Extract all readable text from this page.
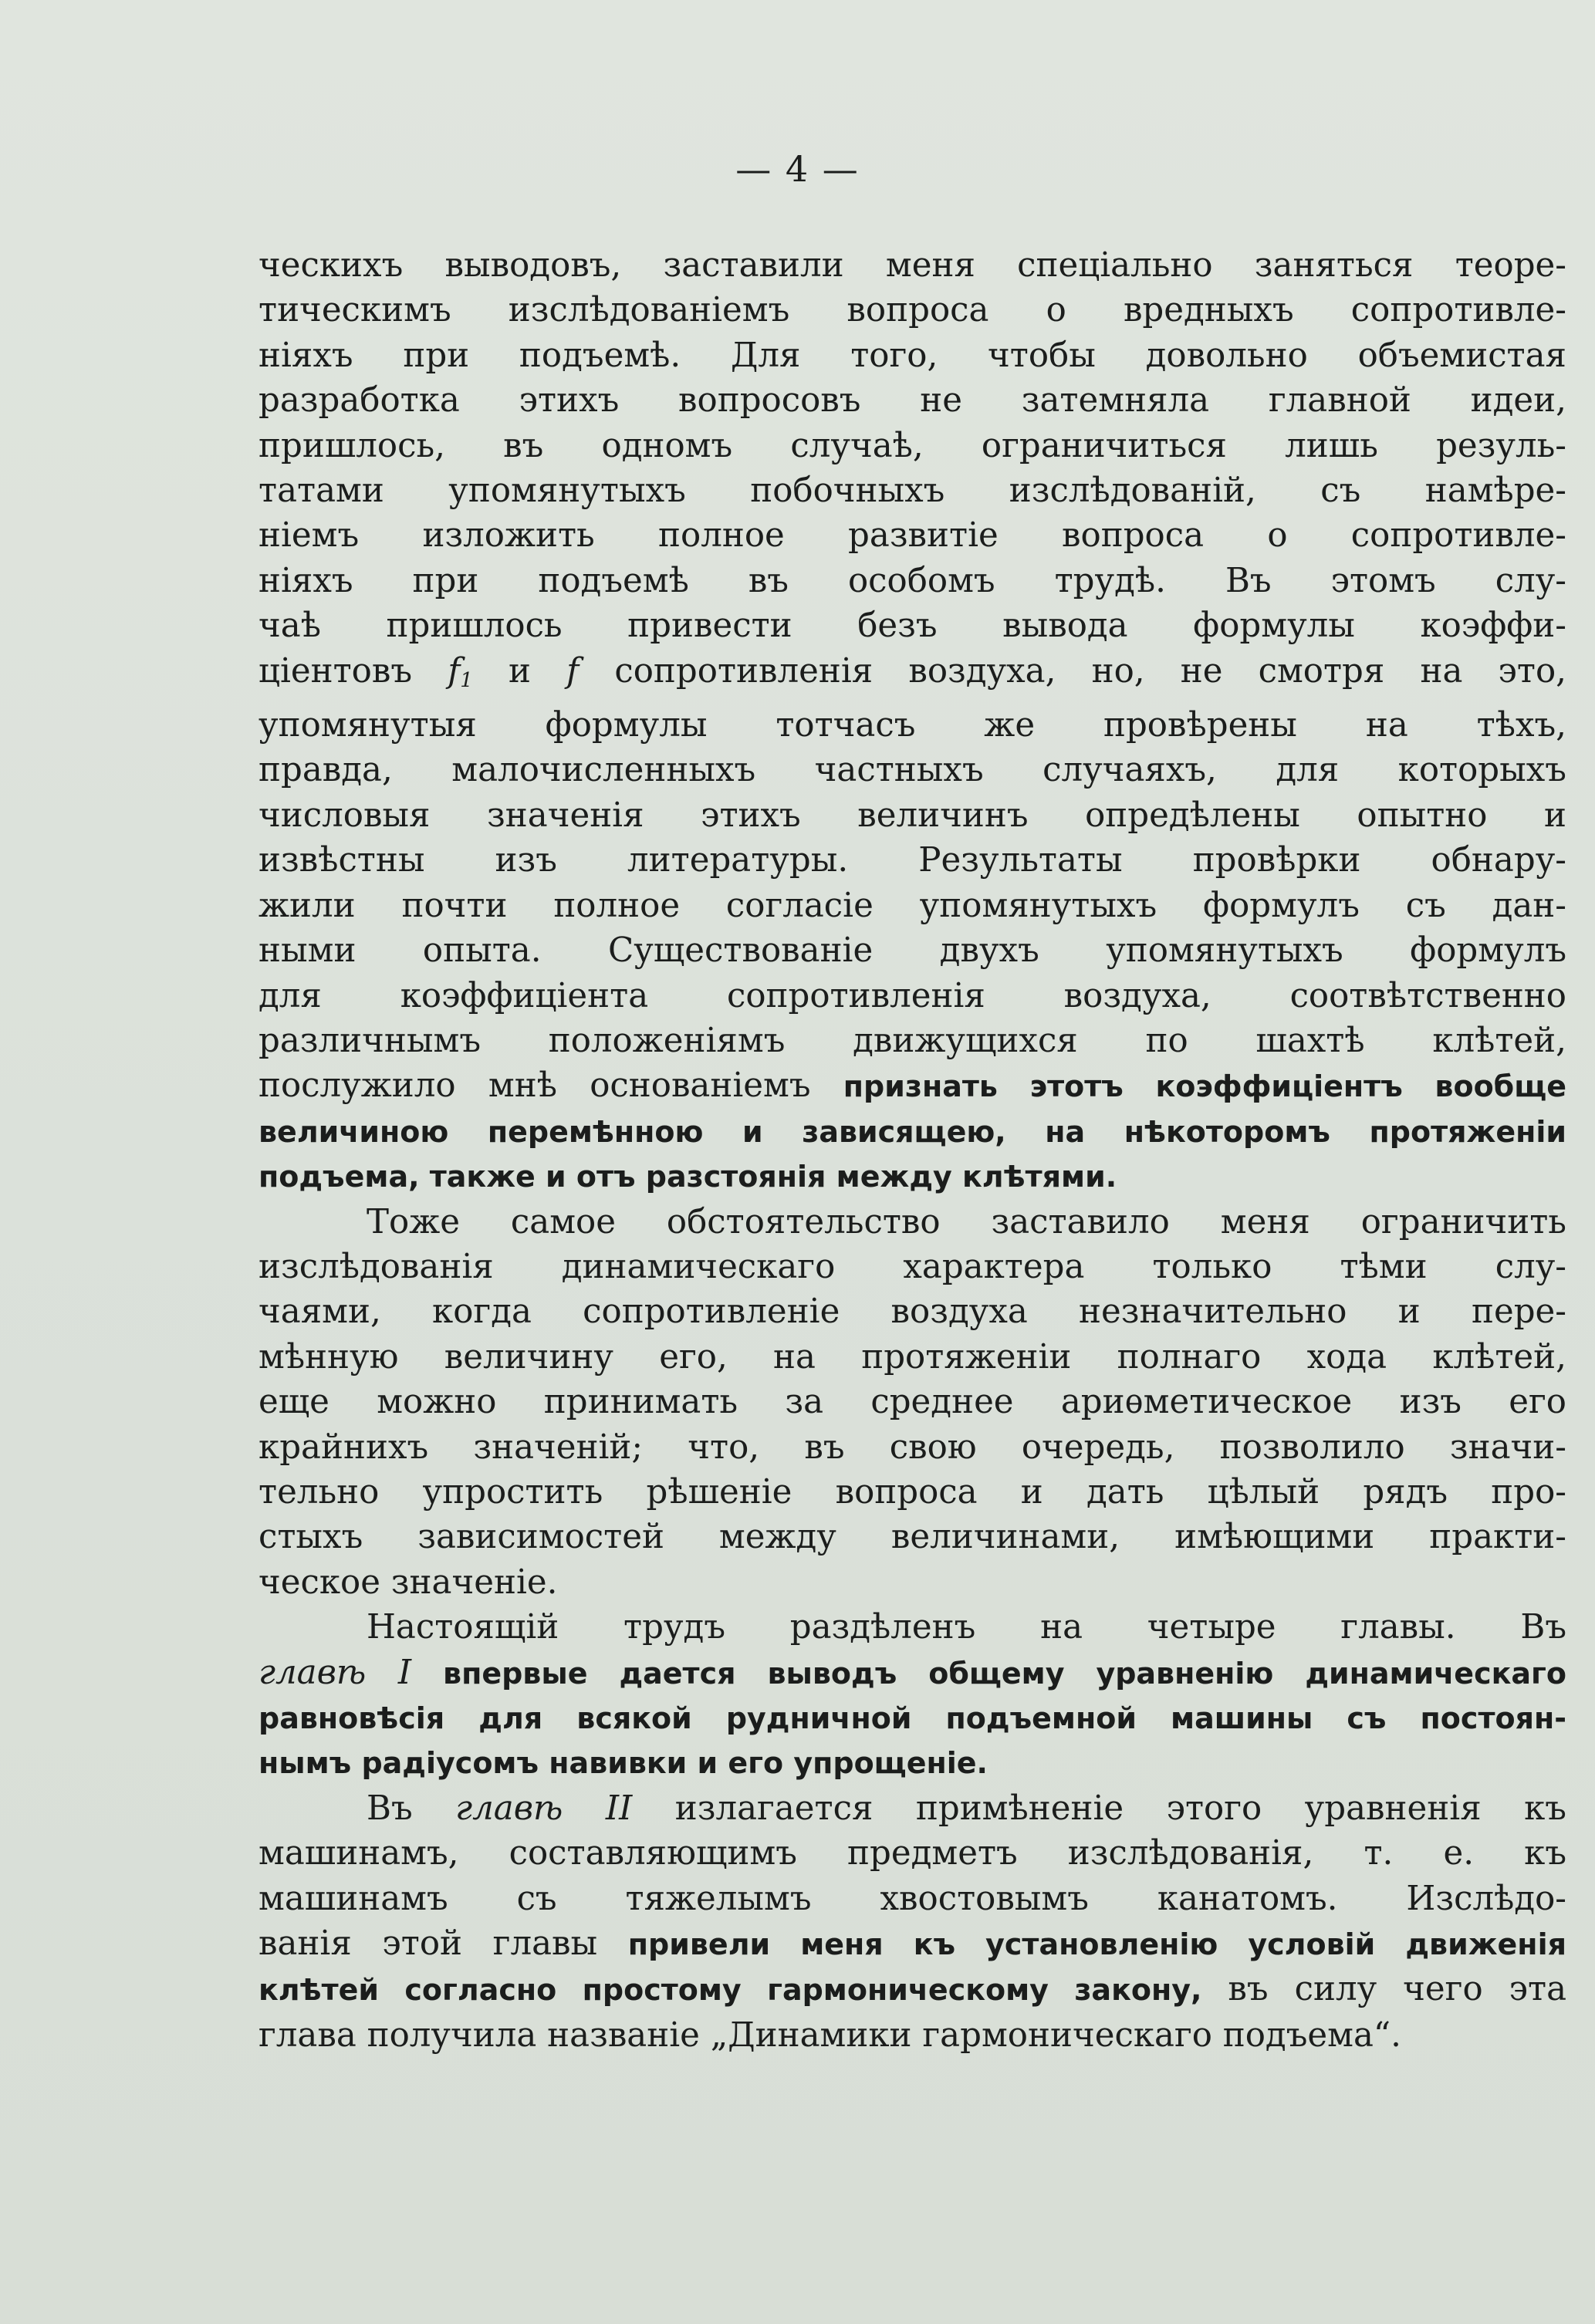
— 4 —
ческихъ выводовъ, заставили меня спеціально заняться теоре-
тическимъ изслѣдованіемъ вопроса о вредныхъ сопротивле-
ніяхъ при подъемѣ. Для того, чтобы довольно объемистая
разработка этихъ вопросовъ не затемняла главной идеи,
пришлось, въ одномъ случаѣ, ограничиться лишь резуль-
татами упомянутыхъ побочныхъ изслѣдованій, съ намѣре-
ніемъ изложить полное развитіе вопроса о сопротивле-
ніяхъ при подъемѣ въ особомъ трудѣ. Въ этомъ слу-
чаѣ пришлось привести безъ вывода формулы коэффи-
ціентовъ $f_1$ и f сопротивленія воздуха, но, не смотря на это,
упомянутыя формулы тотчасъ же провѣрены на тѣхъ,
правда, малочисленныхъ частныхъ случаяхъ, для которыхъ
числовыя значенія этихъ величинъ опредѣлены опытно и
извѣстны изъ литературы. Результаты провѣрки обнару-
жили почти полное согласіе упомянутыхъ формулъ съ дан-
ными опыта. Существованіе двухъ упомянутыхъ формулъ
для коэффиціента сопротивленія воздуха, соотвѣтственно
различнымъ положеніямъ движущихся по шахтѣ клѣтей,
послужило мнѣ основаніемъ признать этотъ коэффиціентъ вообще
величиною перемѣнною и зависящею, на нѣкоторомъ протяженіи
подъема, также и отъ разстоянія между клѣтями.
Тоже самое обстоятельство заставило меня ограничить
изслѣдованія динамическаго характера только тѣми слу-
чаями, когда сопротивленіе воздуха незначительно и пере-
мѣнную величину его, на протяженіи полнаго хода клѣтей,
еще можно принимать за среднее ариѳметическое изъ его
крайнихъ значеній; что, въ свою очередь, позволило значи-
тельно упростить рѣшеніе вопроса и дать цѣлый рядъ про-
стыхъ зависимостей между величинами, имѣющими практи-
ческое значеніе.
Настоящій трудъ раздѣленъ на четыре главы. Въ
главѣ I впервые дается выводъ общему уравненію динамическаго
равновѣсія для всякой рудничной подъемной машины съ постоян-
нымъ радіусомъ навивки и его упрощеніе.
Въ главѣ II излагается примѣненіе этого уравненія къ
машинамъ, составляющимъ предметъ изслѣдованія, т. е. къ
машинамъ съ тяжелымъ хвостовымъ канатомъ. Изслѣдо-
ванія этой главы привели меня къ установленію условій движенія
клѣтей согласно простому гармоническому закону, въ силу чего эта
глава получила названіе „Динамики гармоническаго подъема“.
